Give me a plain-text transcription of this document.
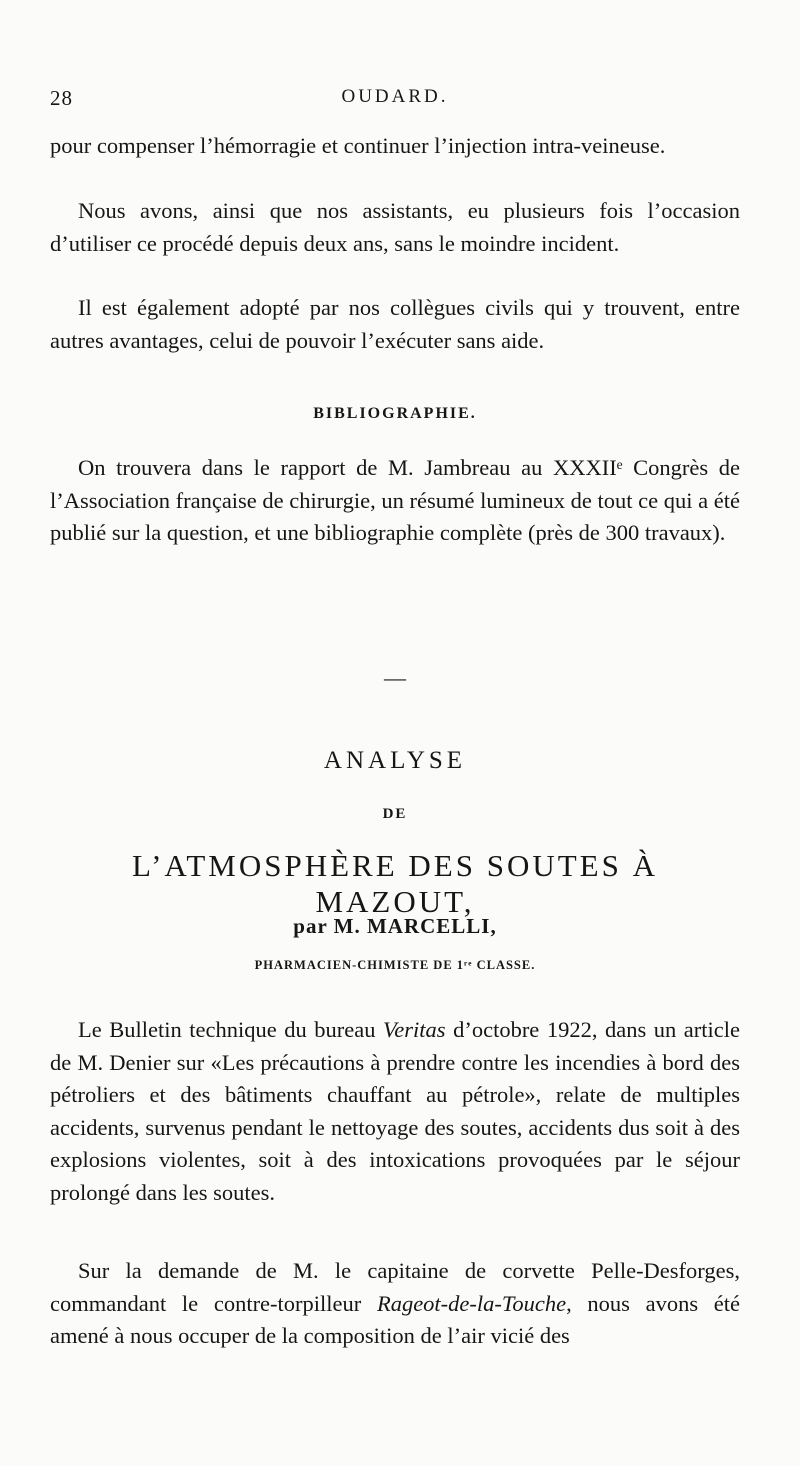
28	OUDARD.

pour compenser l’hémorragie et continuer l’injection intra-veineuse.

Nous avons, ainsi que nos assistants, eu plusieurs fois l’occasion d’utiliser ce procédé depuis deux ans, sans le moindre incident.

Il est également adopté par nos collègues civils qui y trouvent, entre autres avantages, celui de pouvoir l’exécuter sans aide.

BIBLIOGRAPHIE.

On trouvera dans le rapport de M. Jambreau au XXXIIᵉ Congrès de l’Association française de chirurgie, un résumé lumineux de tout ce qui a été publié sur la question, et une bibliographie complète (près de 300 travaux).

—
ANALYSE
DE
L’ATMOSPHÈRE DES SOUTES À MAZOUT,
par M. MARCELLI,
PHARMACIEN-CHIMISTE DE 1ʳᵉ CLASSE.

Le Bulletin technique du bureau Veritas d’octobre 1922, dans un article de M. Denier sur «Les précautions à prendre contre les incendies à bord des pétroliers et des bâtiments chauffant au pétrole», relate de multiples accidents, survenus pendant le nettoyage des soutes, accidents dus soit à des explosions violentes, soit à des intoxications provoquées par le séjour prolongé dans les soutes.

Sur la demande de M. le capitaine de corvette Pelle-Desforges, commandant le contre-torpilleur Rageot-de-la-Touche, nous avons été amené à nous occuper de la composition de l’air vicié des
